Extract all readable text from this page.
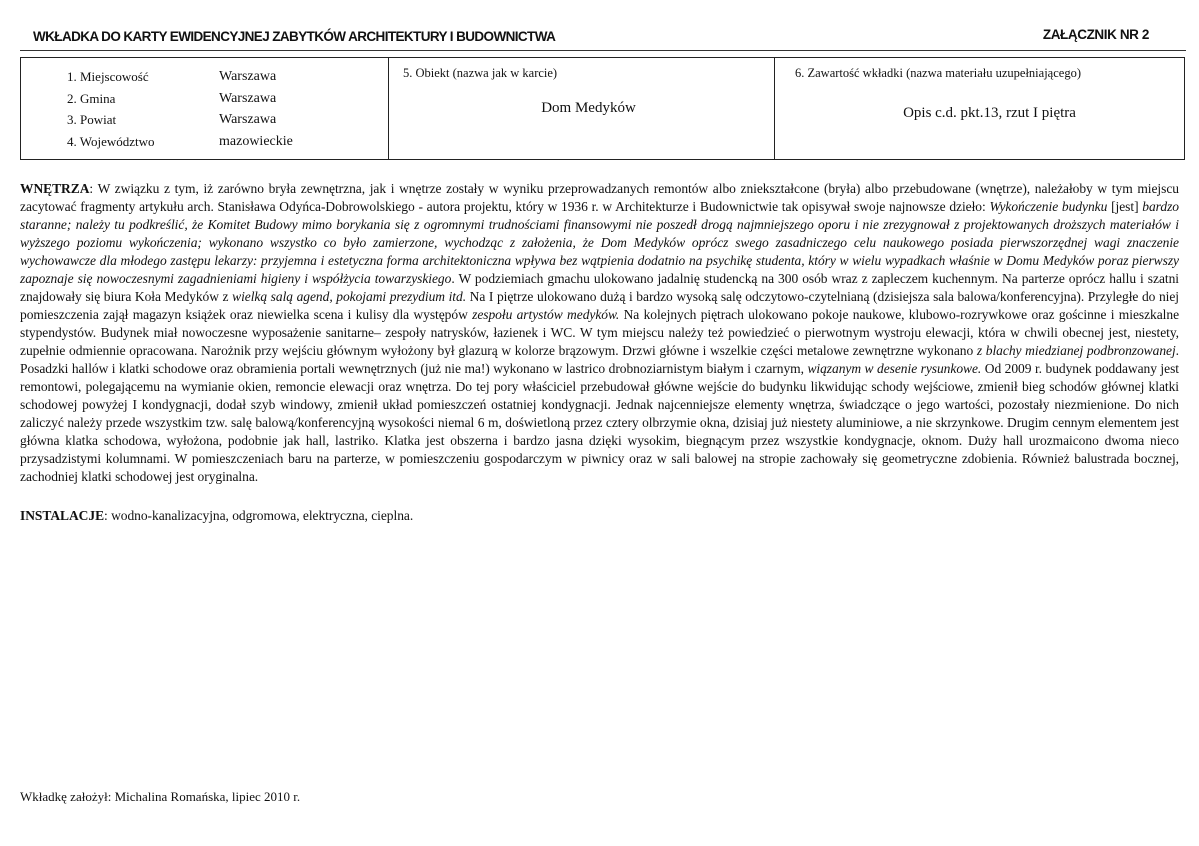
WKŁADKA DO KARTY EWIDENCYJNEJ ZABYTKÓW ARCHITEKTURY I BUDOWNICTWA	ZAŁĄCZNIK NR 2
1. Miejscowość	Warszawa
2. Gmina	Warszawa
3. Powiat	Warszawa
4. Województwo	mazowieckie
5. Obiekt (nazwa jak w karcie)
Dom Medyków
6. Zawartość wkładki (nazwa materiału uzupełniającego)
Opis c.d. pkt.13, rzut I piętra

WNĘTRZA: W związku z tym, iż zarówno bryła zewnętrzna, jak i wnętrze zostały w wyniku przeprowadzanych remontów albo zniekształcone (bryła) albo przebudowane (wnętrze), należałoby w tym miejscu zacytować fragmenty artykułu arch. Stanisława Odyńca-Dobrowolskiego - autora projektu, który w 1936 r. w Architekturze i Budownictwie tak opisywał swoje najnowsze dzieło: Wykończenie budynku [jest] bardzo staranne; należy tu podkreślić, że Komitet Budowy mimo borykania się z ogromnymi trudnościami finansowymi nie poszedł drogą najmniejszego oporu i nie zrezygnował z projektowanych droższych materiałów i wyższego poziomu wykończenia; wykonano wszystko co było zamierzone, wychodząc z założenia, że Dom Medyków oprócz swego zasadniczego celu naukowego posiada pierwszorzędnej wagi znaczenie wychowawcze dla młodego zastępu lekarzy: przyjemna i estetyczna forma architektoniczna wpływa bez wątpienia dodatnio na psychikę studenta, który w wielu wypadkach właśnie w Domu Medyków poraz pierwszy zapoznaje się nowoczesnymi zagadnieniami higieny i współżycia towarzyskiego. W podziemiach gmachu ulokowano jadalnię studencką na 300 osób wraz z zapleczem kuchennym. Na parterze oprócz hallu i szatni znajdowały się biura Koła Medyków z wielką salą agend, pokojami prezydium itd. Na I piętrze ulokowano dużą i bardzo wysoką salę odczytowo-czytelnianą (dzisiejsza sala balowa/konferencyjna). Przyległe do niej pomieszczenia zajął magazyn książek oraz niewielka scena i kulisy dla występów zespołu artystów medyków. Na kolejnych piętrach ulokowano pokoje naukowe, klubowo-rozrywkowe oraz gościnne i mieszkalne stypendystów. Budynek miał nowoczesne wyposażenie sanitarne– zespoły natrysków, łazienek i WC. W tym miejscu należy też powiedzieć o pierwotnym wystroju elewacji, która w chwili obecnej jest, niestety, zupełnie odmiennie opracowana. Narożnik przy wejściu głównym wyłożony był glazurą w kolorze brązowym. Drzwi główne i wszelkie części metalowe zewnętrzne wykonano z blachy miedzianej podbronzowanej. Posadzki hallów i klatki schodowe oraz obramienia portali wewnętrznych (już nie ma!) wykonano w lastrico drobnoziarnistym białym i czarnym, wiązanym w desenie rysunkowe. Od 2009 r. budynek poddawany jest remontowi, polegającemu na wymianie okien, remoncie elewacji oraz wnętrza. Do tej pory właściciel przebudował główne wejście do budynku likwidując schody wejściowe, zmienił bieg schodów głównej klatki schodowej powyżej I kondygnacji, dodał szyb windowy, zmienił układ pomieszczeń ostatniej kondygnacji. Jednak najcenniejsze elementy wnętrza, świadczące o jego wartości, pozostały niezmienione. Do nich zaliczyć należy przede wszystkim tzw. salę balową/konferencyjną wysokości niemal 6 m, doświetloną przez cztery olbrzymie okna, dzisiaj już niestety aluminiowe, a nie skrzynkowe. Drugim cennym elementem jest główna klatka schodowa, wyłożona, podobnie jak hall, lastriko. Klatka jest obszerna i bardzo jasna dzięki wysokim, biegnącym przez wszystkie kondygnacje, oknom. Duży hall urozmaicono dwoma nieco przysadzistymi kolumnami. W pomieszczeniach baru na parterze, w pomieszczeniu gospodarczym w piwnicy oraz w sali balowej na stropie zachowały się geometryczne zdobienia. Również balustrada bocznej, zachodniej klatki schodowej jest oryginalna.

INSTALACJE: wodno-kanalizacyjna, odgromowa, elektryczna, cieplna.

Wkładkę założył: Michalina Romańska, lipiec 2010 r.
